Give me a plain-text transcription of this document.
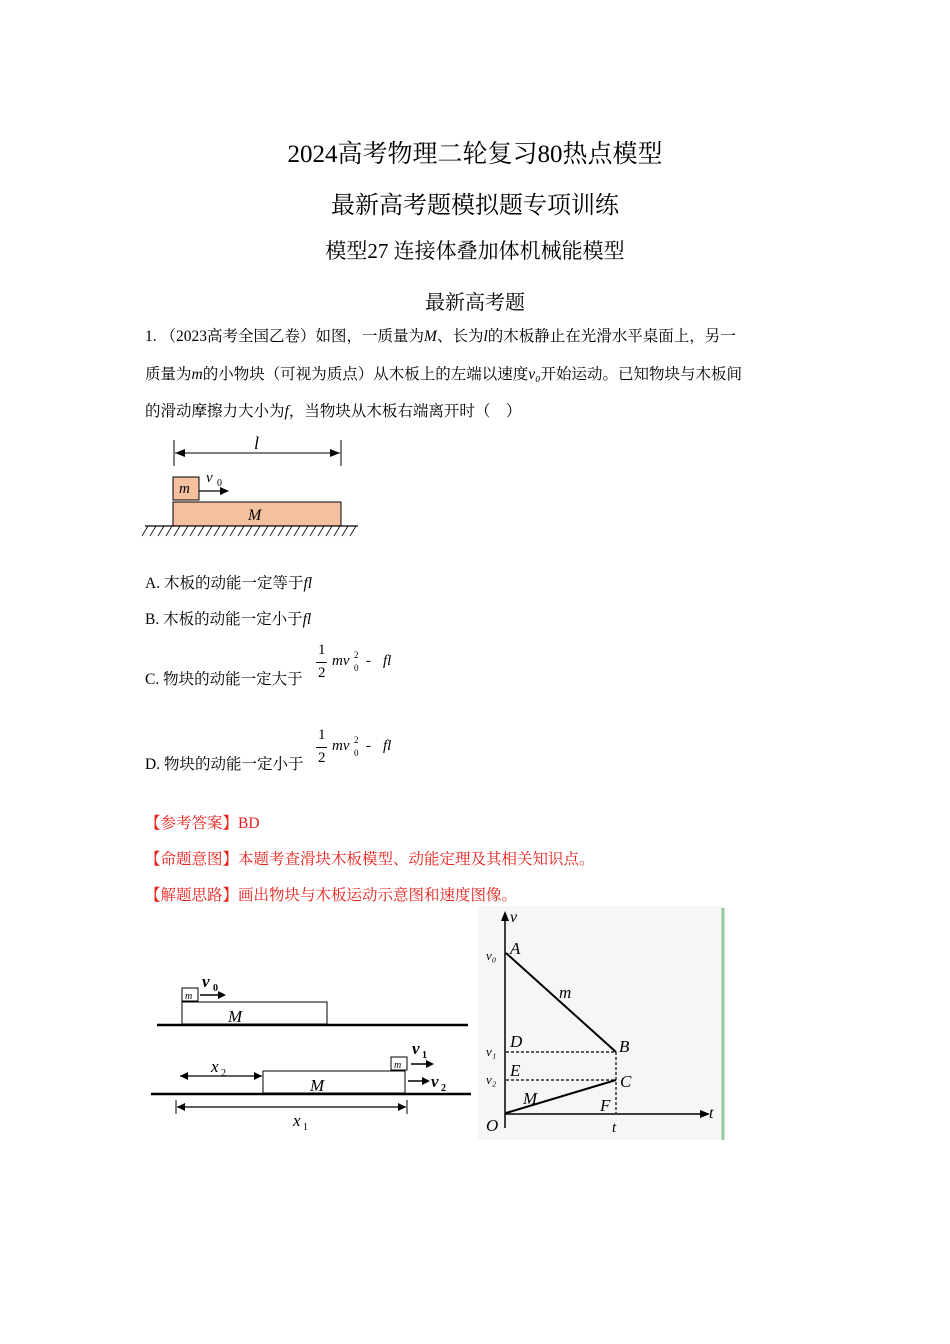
2024高考物理二轮复习80热点模型
最新高考题模拟题专项训练
模型27 连接体叠加体机械能模型
最新高考题
1. （2023高考全国乙卷）如图，一质量为M、长为l的木板静止在光滑水平桌面上，另一
质量为m的小物块（可视为质点）从木板上的左端以速度v₀开始运动。已知物块与木板间
的滑动摩擦力大小为f，当物块从木板右端离开时（　）
l
m
v 0
M
A. 木板的动能一定等于fl
B. 木板的动能一定小于fl
C. 物块的动能一定大于
1
2
mv 2
0 - fl
D. 物块的动能一定小于
1
2
mv 2
0 - fl
【参考答案】BD
【命题意图】本题考查滑块木板模型、动能定理及其相关知识点。
【解题思路】画出物块与木板运动示意图和速度图像。
M
m
v 0
M
m
v 1
v 2
x 2
x 1
v
t
O
v₀
v₁
v₂
t
A
B
C
D
E
F
m
M
